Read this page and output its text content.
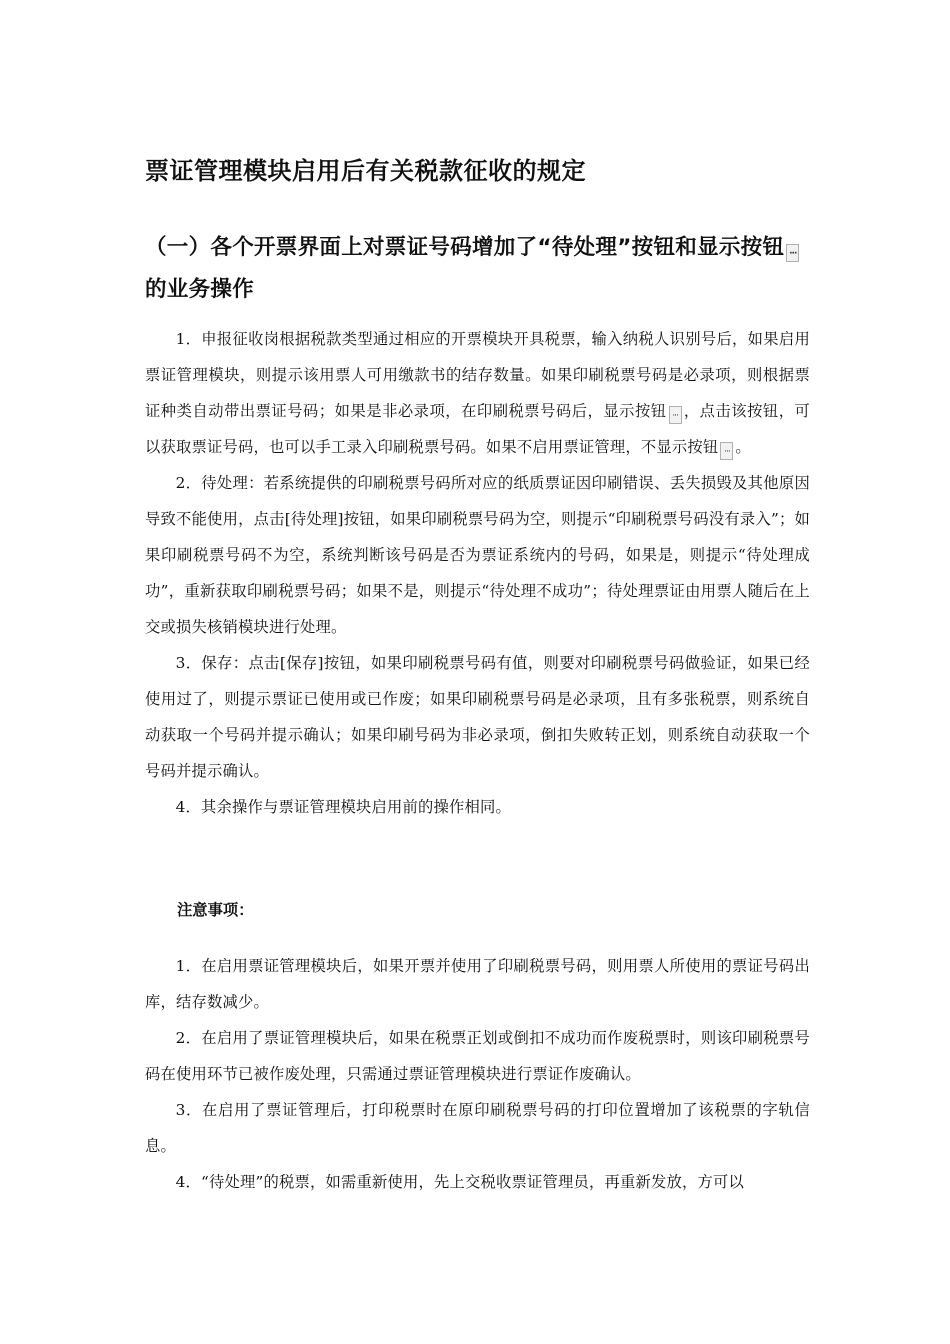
票证管理模块启用后有关税款征收的规定
（一）各个开票界面上对票证号码增加了“待处理”按钮和显示按钮 ···的业务操作

1．申报征收岗根据税款类型通过相应的开票模块开具税票，输入纳税人识别号后，如果启用票证管理模块，则提示该用票人可用缴款书的结存数量。如果印刷税票号码是必录项，则根据票证种类自动带出票证号码；如果是非必录项，在印刷税票号码后，显示按钮 ··· ，点击该按钮，可以获取票证号码，也可以手工录入印刷税票号码。如果不启用票证管理，不显示按钮 ··· 。

2．待处理：若系统提供的印刷税票号码所对应的纸质票证因印刷错误、丢失损毁及其他原因导致不能使用，点击[待处理]按钮，如果印刷税票号码为空，则提示“印刷税票号码没有录入”；如果印刷税票号码不为空，系统判断该号码是否为票证系统内的号码，如果是，则提示“待处理成功”，重新获取印刷税票号码；如果不是，则提示“待处理不成功”；待处理票证由用票人随后在上交或损失核销模块进行处理。

3．保存：点击[保存]按钮，如果印刷税票号码有值，则要对印刷税票号码做验证，如果已经使用过了，则提示票证已使用或已作废；如果印刷税票号码是必录项，且有多张税票，则系统自动获取一个号码并提示确认；如果印刷号码为非必录项，倒扣失败转正划，则系统自动获取一个号码并提示确认。

4．其余操作与票证管理模块启用前的操作相同。

注意事项：

1．在启用票证管理模块后，如果开票并使用了印刷税票号码，则用票人所使用的票证号码出库，结存数减少。

2．在启用了票证管理模块后，如果在税票正划或倒扣不成功而作废税票时，则该印刷税票号码在使用环节已被作废处理，只需通过票证管理模块进行票证作废确认。

3．在启用了票证管理后，打印税票时在原印刷税票号码的打印位置增加了该税票的字轨信息。

4．“待处理”的税票，如需重新使用，先上交税收票证管理员，再重新发放，方可以
